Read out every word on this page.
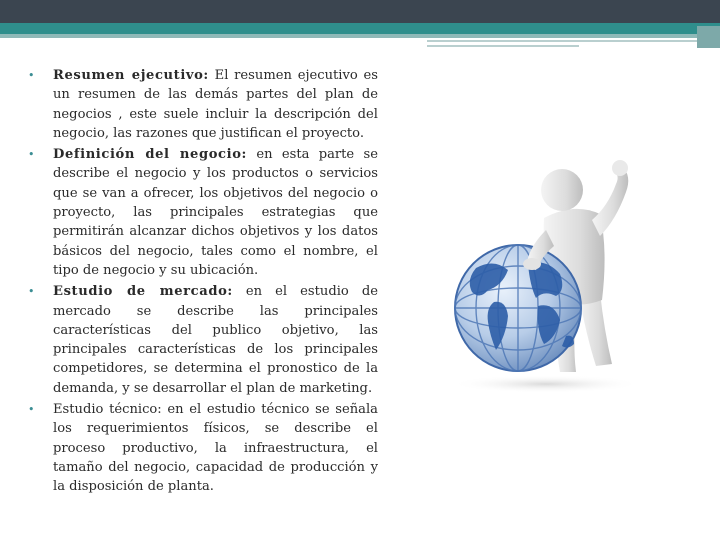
• Resumen ejecutivo: El resumen ejecutivo es un resumen de las demás partes del plan de negocios , este suele incluir la descripción del negocio, las razones que justifican el proyecto.
• Definición del negocio: en esta parte se describe el negocio y los productos o servicios que se van a ofrecer, los objetivos del negocio o proyecto, las principales estrategias que permitirán alcanzar dichos objetivos y los datos básicos del negocio, tales como el nombre, el tipo de negocio y su ubicación.
• Estudio de mercado: en el estudio de mercado se describe las principales características del publico objetivo, las principales características de los principales competidores, se determina el pronostico de la demanda, y se desarrollar el plan de marketing.
• Estudio técnico: en el estudio técnico se señala los requerimientos físicos, se describe el proceso productivo, la infraestructura, el tamaño del negocio, capacidad de producción y la disposición de planta.
